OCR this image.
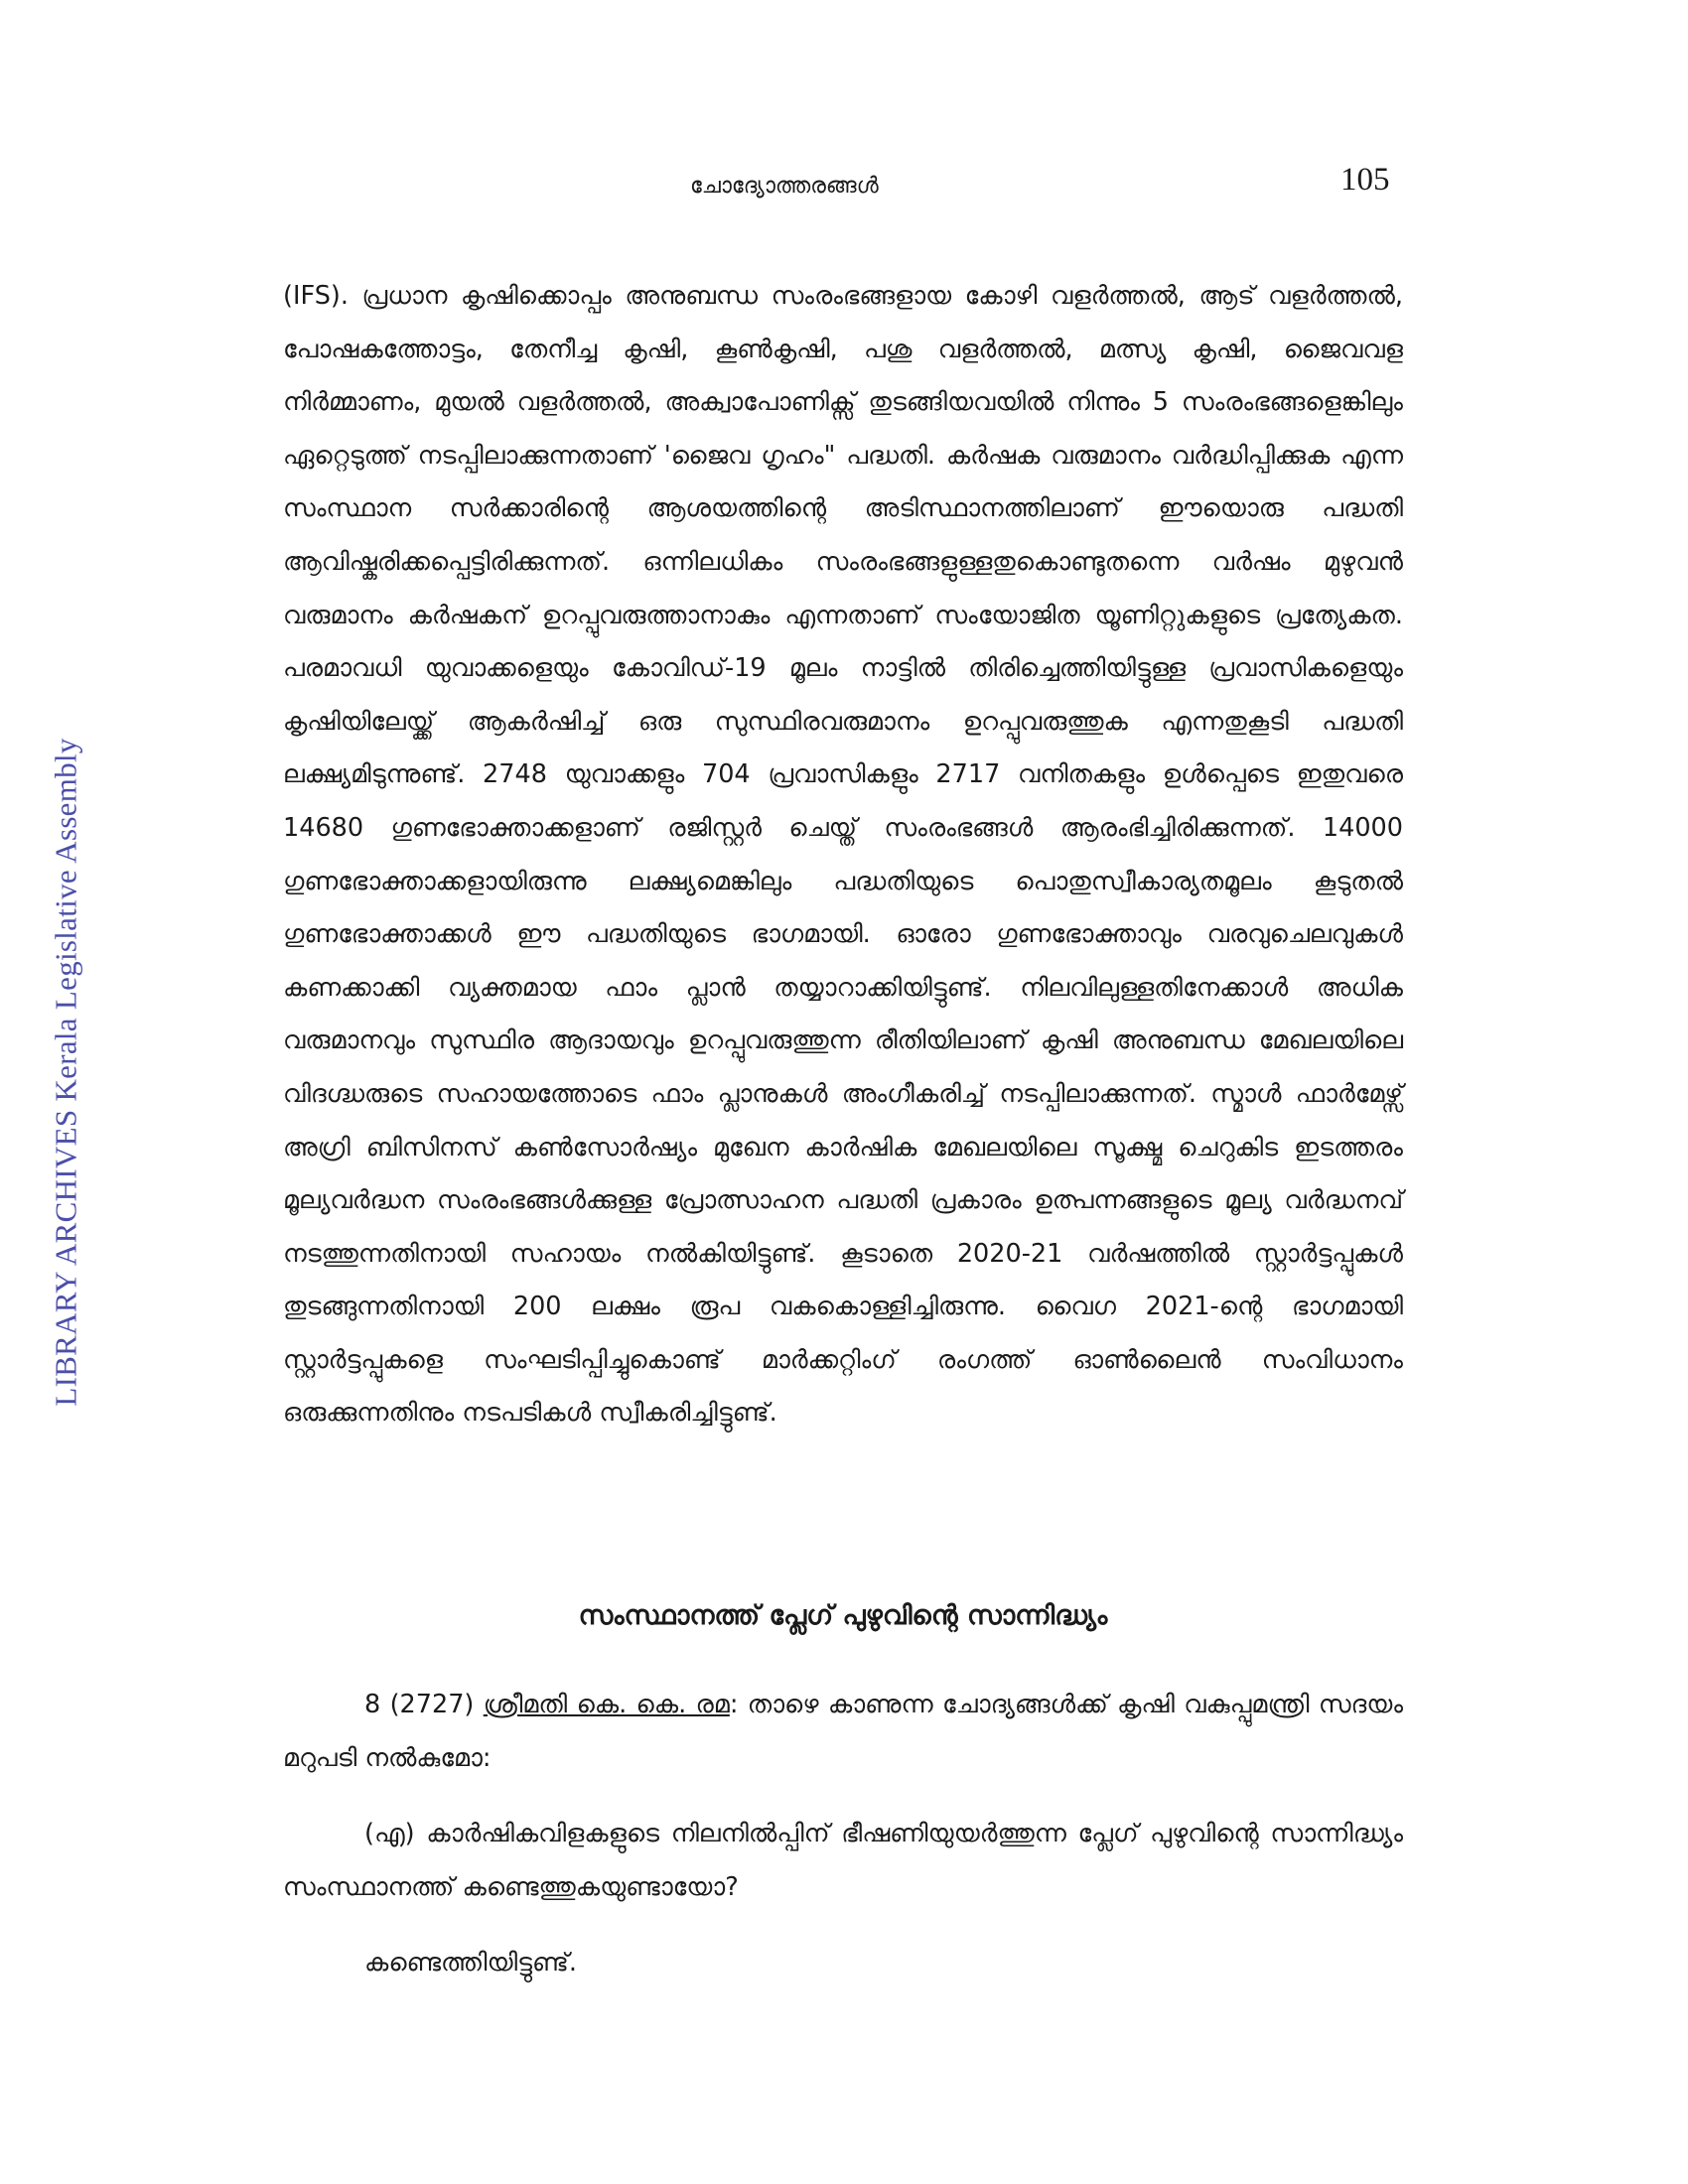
LIBRARY ARCHIVES Kerala Legislative Assembly
ചോദ്യോത്തരങ്ങൾ	105

(IFS). പ്രധാന കൃഷിക്കൊപ്പം അനുബന്ധ സംരംഭങ്ങളായ കോഴി വളർത്തൽ, ആട് വളർത്തൽ, പോഷകത്തോട്ടം, തേനീച്ച കൃഷി, കൂൺകൃഷി, പശു വളർത്തൽ, മത്സ്യ കൃഷി, ജൈവവള നിർമ്മാണം, മുയൽ വളർത്തൽ, അക്വാപോണിക്സ് തുടങ്ങിയവയിൽ നിന്നും 5 സംരംഭങ്ങളെങ്കിലും ഏറ്റെടുത്ത് നടപ്പിലാക്കുന്നതാണ് 'ജൈവ ഗൃഹം" പദ്ധതി. കർഷക വരുമാനം വർദ്ധിപ്പിക്കുക എന്ന സംസ്ഥാന സർക്കാരിന്റെ ആശയത്തിന്റെ അടിസ്ഥാനത്തിലാണ് ഈയൊരു പദ്ധതി ആവിഷ്കരിക്കപ്പെട്ടിരിക്കുന്നത്. ഒന്നിലധികം സംരംഭങ്ങളുള്ളതുകൊണ്ടുതന്നെ വർഷം മുഴുവൻ വരുമാനം കർഷകന് ഉറപ്പുവരുത്താനാകും എന്നതാണ് സംയോജിത യൂണിറ്റുകളുടെ പ്രത്യേകത. പരമാവധി യുവാക്കളെയും കോവിഡ്-19 മൂലം നാട്ടിൽ തിരിച്ചെത്തിയിട്ടുള്ള പ്രവാസികളെയും കൃഷിയിലേയ്ക്ക് ആകർഷിച്ച് ഒരു സുസ്ഥിരവരുമാനം ഉറപ്പുവരുത്തുക എന്നതുകൂടി പദ്ധതി ലക്ഷ്യമിടുന്നുണ്ട്. 2748 യുവാക്കളും 704 പ്രവാസികളും 2717 വനിതകളും ഉൾപ്പെടെ ഇതുവരെ 14680 ഗുണഭോക്താക്കളാണ് രജിസ്റ്റർ ചെയ്ത് സംരംഭങ്ങൾ ആരംഭിച്ചിരിക്കുന്നത്. 14000 ഗുണഭോക്താക്കളായിരുന്നു ലക്ഷ്യമെങ്കിലും പദ്ധതിയുടെ പൊതുസ്വീകാര്യതമൂലം കൂടുതൽ ഗുണഭോക്താക്കൾ ഈ പദ്ധതിയുടെ ഭാഗമായി. ഓരോ ഗുണഭോക്താവും വരവുചെലവുകൾ കണക്കാക്കി വ്യക്തമായ ഫാം പ്ലാൻ തയ്യാറാക്കിയിട്ടുണ്ട്. നിലവിലുള്ളതിനേക്കാൾ അധിക വരുമാനവും സുസ്ഥിര ആദായവും ഉറപ്പുവരുത്തുന്ന രീതിയിലാണ് കൃഷി അനുബന്ധ മേഖലയിലെ വിദഗ്ദ്ധരുടെ സഹായത്തോടെ ഫാം പ്ലാനുകൾ അംഗീകരിച്ച് നടപ്പിലാക്കുന്നത്. സ്മാൾ ഫാർമേഴ്സ് അഗ്രി ബിസിനസ് കൺസോർഷ്യം മുഖേന കാർഷിക മേഖലയിലെ സൂക്ഷ്മ ചെറുകിട ഇടത്തരം മൂല്യവർദ്ധന സംരംഭങ്ങൾക്കുള്ള പ്രോത്സാഹന പദ്ധതി പ്രകാരം ഉത്പന്നങ്ങളുടെ മൂല്യ വർദ്ധനവ് നടത്തുന്നതിനായി സഹായം നൽകിയിട്ടുണ്ട്. കൂടാതെ 2020-21 വർഷത്തിൽ സ്റ്റാർട്ടപ്പുകൾ തുടങ്ങുന്നതിനായി 200 ലക്ഷം രൂപ വകകൊള്ളിച്ചിരുന്നു. വൈഗ 2021-ന്റെ ഭാഗമായി സ്റ്റാർട്ടപ്പുകളെ സംഘടിപ്പിച്ചുകൊണ്ട് മാർക്കറ്റിംഗ് രംഗത്ത് ഓൺലൈൻ സംവിധാനം ഒരുക്കുന്നതിനും നടപടികൾ സ്വീകരിച്ചിട്ടുണ്ട്.

സംസ്ഥാനത്ത് പ്ലേഗ് പുഴുവിന്റെ സാന്നിദ്ധ്യം
8 (2727) ശ്രീമതി കെ. കെ. രമ: താഴെ കാണുന്ന ചോദ്യങ്ങൾക്ക് കൃഷി വകുപ്പുമന്ത്രി സദയം മറുപടി നൽകുമോ:
(എ) കാർഷികവിളകളുടെ നിലനിൽപ്പിന് ഭീഷണിയുയർത്തുന്ന പ്ലേഗ് പുഴുവിന്റെ സാന്നിദ്ധ്യം സംസ്ഥാനത്ത് കണ്ടെത്തുകയുണ്ടായോ?
കണ്ടെത്തിയിട്ടുണ്ട്.
